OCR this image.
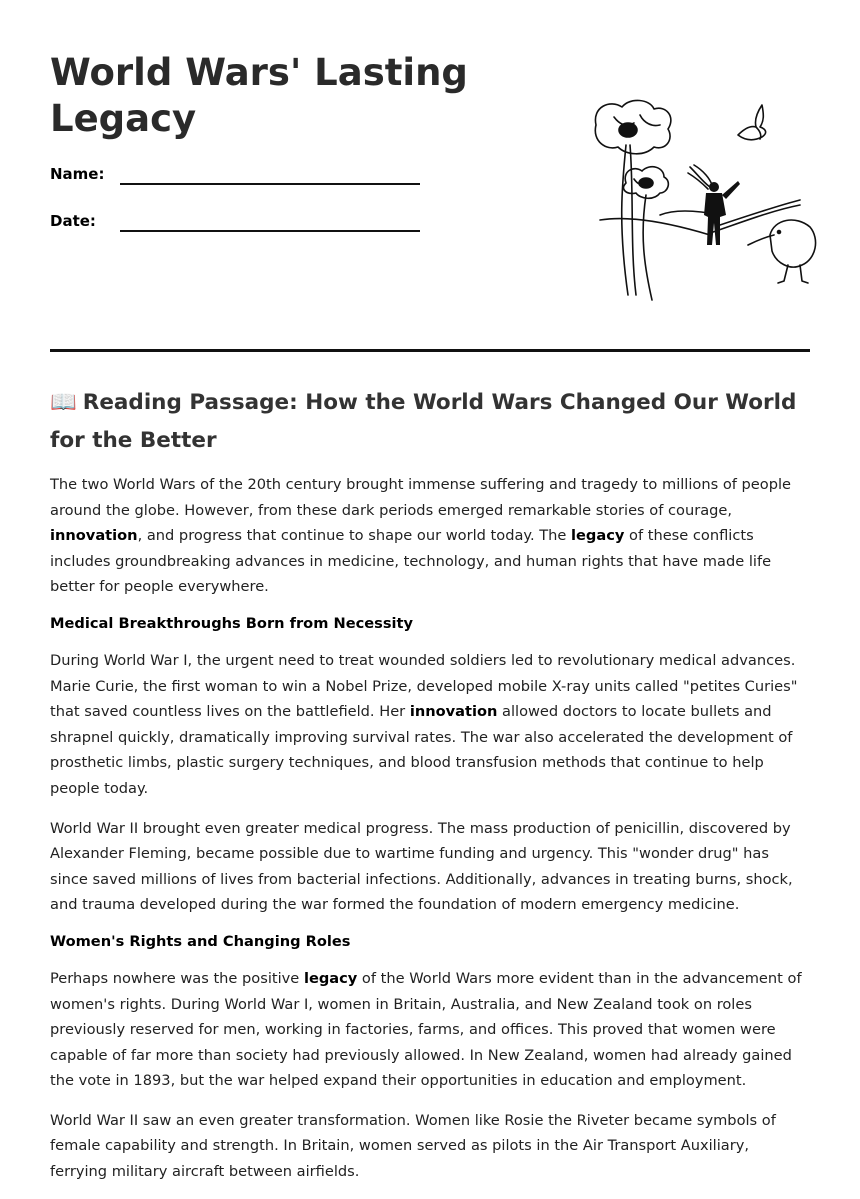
World Wars' Lasting Legacy
Name:
Date:
📖 Reading Passage: How the World Wars Changed Our World for the Better

The two World Wars of the 20th century brought immense suffering and tragedy to millions of people around the globe. However, from these dark periods emerged remarkable stories of courage, innovation, and progress that continue to shape our world today. The legacy of these conflicts includes groundbreaking advances in medicine, technology, and human rights that have made life better for people everywhere.

Medical Breakthroughs Born from Necessity

During World War I, the urgent need to treat wounded soldiers led to revolutionary medical advances. Marie Curie, the first woman to win a Nobel Prize, developed mobile X-ray units called "petites Curies" that saved countless lives on the battlefield. Her innovation allowed doctors to locate bullets and shrapnel quickly, dramatically improving survival rates. The war also accelerated the development of prosthetic limbs, plastic surgery techniques, and blood transfusion methods that continue to help people today.

World War II brought even greater medical progress. The mass production of penicillin, discovered by Alexander Fleming, became possible due to wartime funding and urgency. This "wonder drug" has since saved millions of lives from bacterial infections. Additionally, advances in treating burns, shock, and trauma developed during the war formed the foundation of modern emergency medicine.

Women's Rights and Changing Roles

Perhaps nowhere was the positive legacy of the World Wars more evident than in the advancement of women's rights. During World War I, women in Britain, Australia, and New Zealand took on roles previously reserved for men, working in factories, farms, and offices. This proved that women were capable of far more than society had previously allowed. In New Zealand, women had already gained the vote in 1893, but the war helped expand their opportunities in education and employment.

World War II saw an even greater transformation. Women like Rosie the Riveter became symbols of female capability and strength. In Britain, women served as pilots in the Air Transport Auxiliary, ferrying military aircraft between airfields.
